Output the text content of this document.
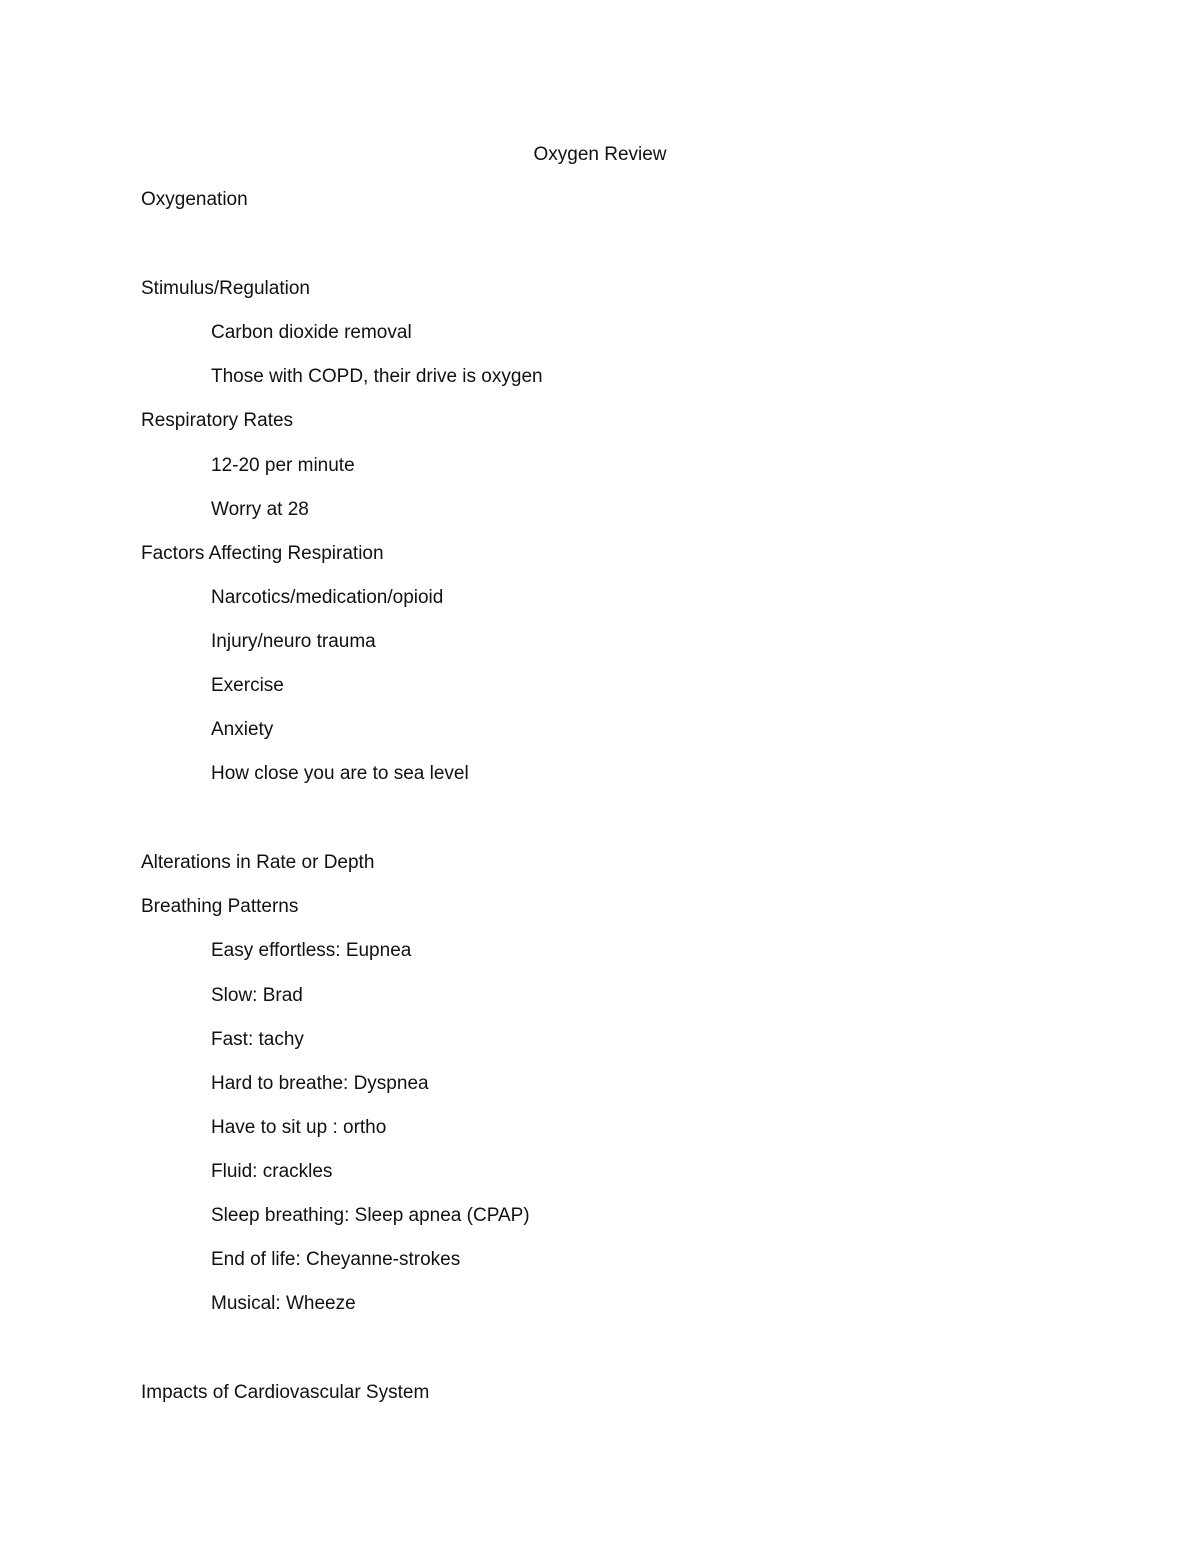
Oxygen Review
Oxygenation
Stimulus/Regulation
Carbon dioxide removal
Those with COPD, their drive is oxygen
Respiratory Rates
12-20 per minute
Worry at 28
Factors Affecting Respiration
Narcotics/medication/opioid
Injury/neuro trauma
Exercise
Anxiety
How close you are to sea level
Alterations in Rate or Depth
Breathing Patterns
Easy effortless: Eupnea
Slow: Brad
Fast: tachy
Hard to breathe: Dyspnea
Have to sit up : ortho
Fluid: crackles
Sleep breathing: Sleep apnea (CPAP)
End of life: Cheyanne-strokes
Musical: Wheeze
Impacts of Cardiovascular System
